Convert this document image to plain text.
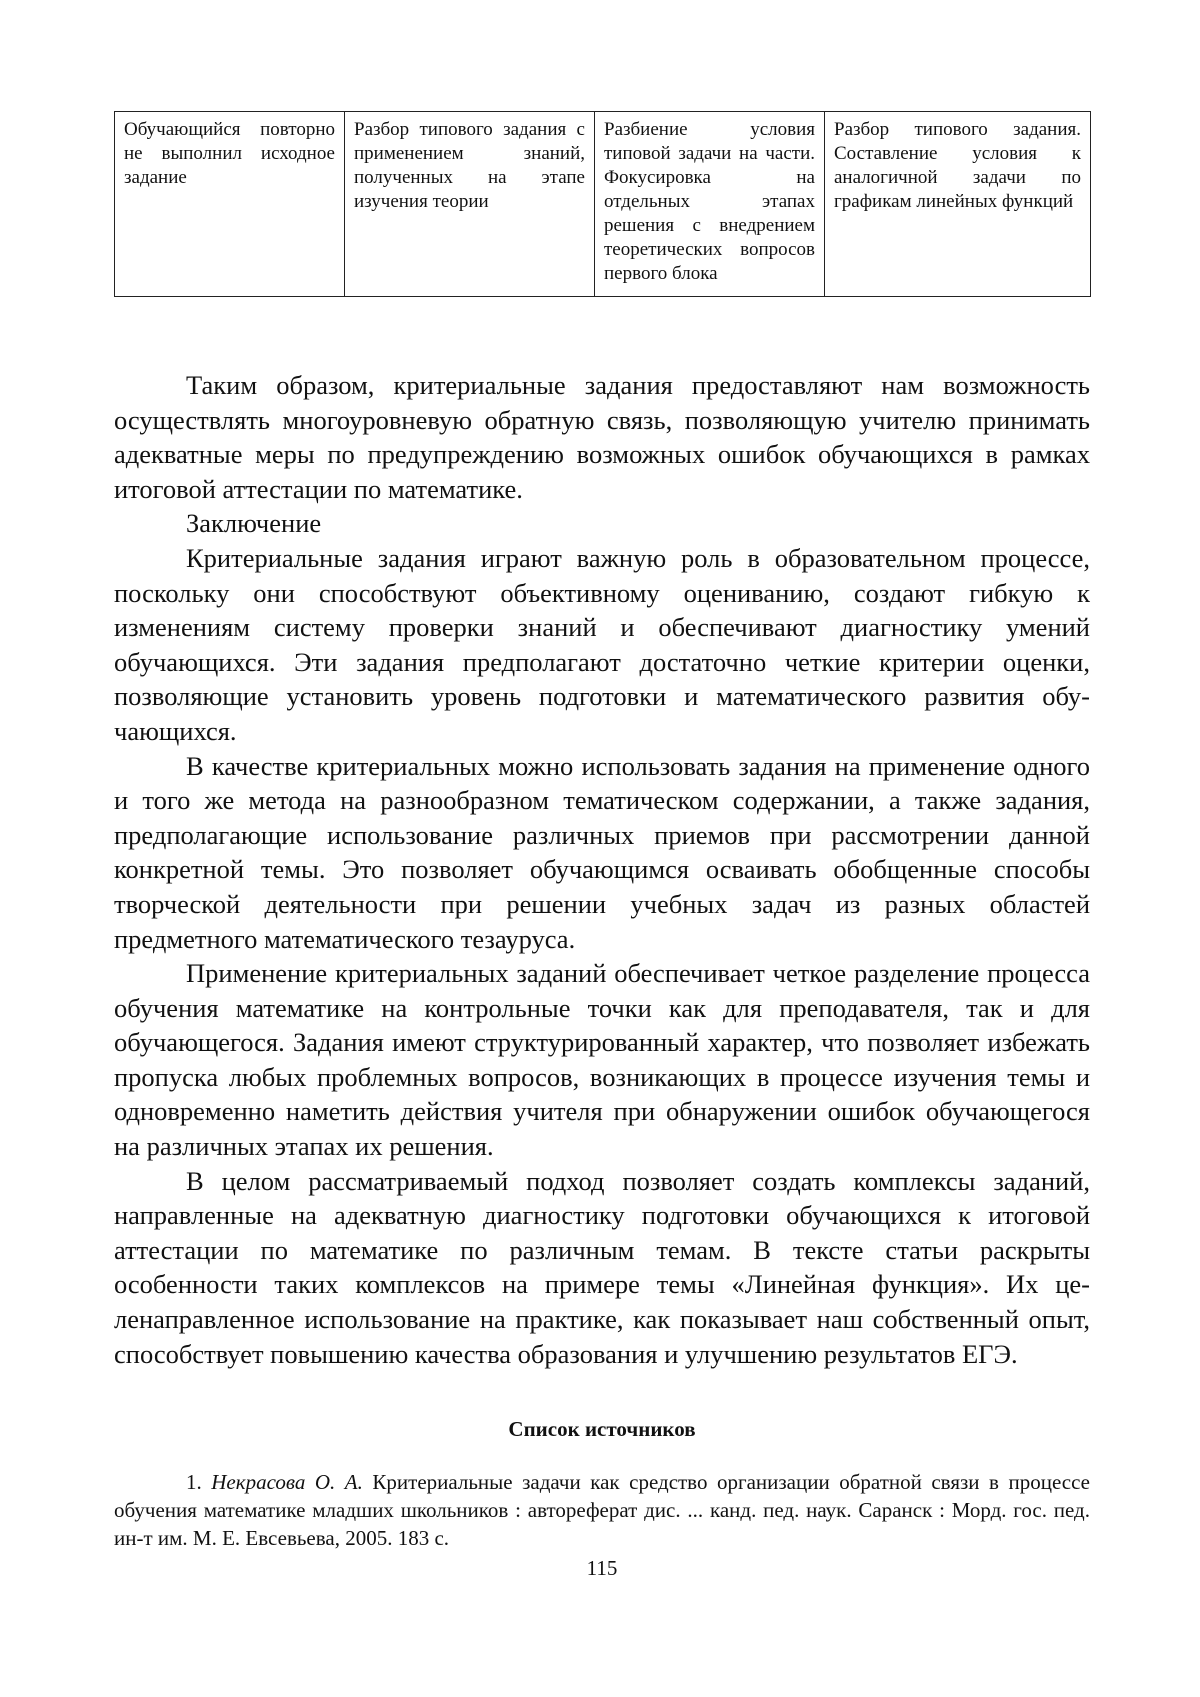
Обучающийся повторно не выполнил исходное задание	Разбор типового задания с применением знаний, полученных на этапе изучения теории	Разбиение условия типовой задачи на части. Фокусировка на отдельных этапах решения с внедрением теоретических вопросов первого блока	Разбор типового задания. Составление условия к аналогичной задачи по графикам линейных функций

Таким образом, критериальные задания предоставляют нам возможность осуществлять многоуровневую обратную связь, позволяющую учителю принимать адекватные меры по предупреждению возможных ошибок обучающихся в рамках итоговой аттестации по математике.

Заключение

Критериальные задания играют важную роль в образовательном процессе, поскольку они способствуют объективному оцениванию, создают гибкую к изменениям систему проверки знаний и обеспечивают диагностику умений обучающихся. Эти задания предполагают достаточно четкие критерии оценки, позволяющие установить уровень подготовки и математического развития обучающихся.

В качестве критериальных можно использовать задания на применение одного и того же метода на разнообразном тематическом содержании, а также задания, предполагающие использование различных приемов при рассмотрении данной конкретной темы. Это позволяет обучающимся осваивать обобщенные способы творческой деятельности при решении учебных задач из разных областей предметного математического тезауруса.

Применение критериальных заданий обеспечивает четкое разделение процесса обучения математике на контрольные точки как для преподавателя, так и для обучающегося. Задания имеют структурированный характер, что позволяет избежать пропуска любых проблемных вопросов, возникающих в процессе изучения темы и одновременно наметить действия учителя при обнаружении ошибок обучающегося на различных этапах их решения.

В целом рассматриваемый подход позволяет создать комплексы заданий, направленные на адекватную диагностику подготовки обучающихся к итоговой аттестации по математике по различным темам. В тексте статьи раскрыты особенности таких комплексов на примере темы «Линейная функция». Их целенаправленное использование на практике, как показывает наш собственный опыт, способствует повышению качества образования и улучшению результатов ЕГЭ.

Список источников

1. Некрасова О. А. Критериальные задачи как средство организации обратной связи в процессе обучения математике младших школьников : автореферат дис. ... канд. пед. наук. Саранск : Морд. гос. пед. ин-т им. М. Е. Евсевьева, 2005. 183 с.

115
